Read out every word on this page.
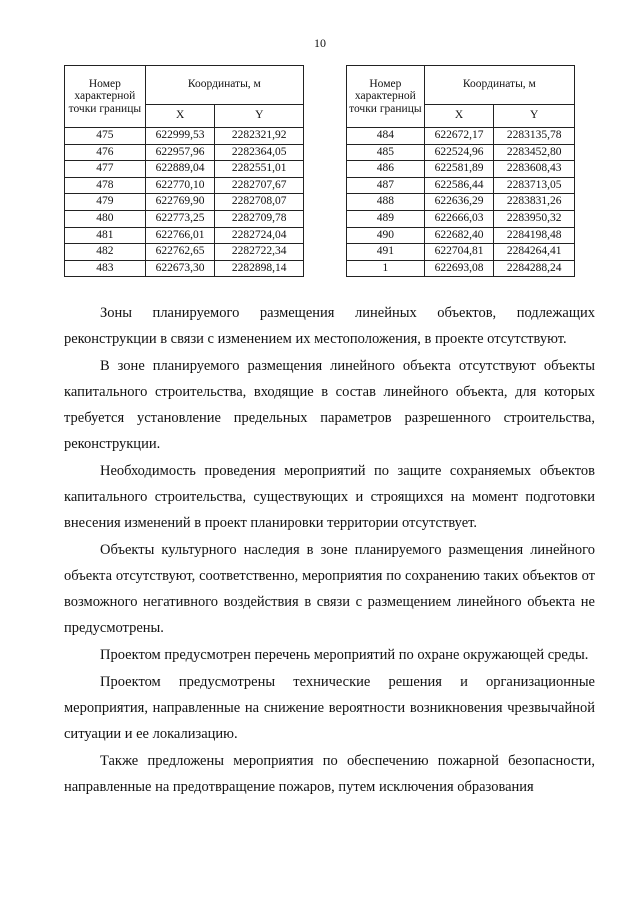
10
Номер характерной точки границы	Координаты, м	
	X	Y
475	622999,53	2282321,92
476	622957,96	2282364,05
477	622889,04	2282551,01
478	622770,10	2282707,67
479	622769,90	2282708,07
480	622773,25	2282709,78
481	622766,01	2282724,04
482	622762,65	2282722,34
483	622673,30	2282898,14
Номер характерной точки границы	Координаты, м	
	X	Y
484	622672,17	2283135,78
485	622524,96	2283452,80
486	622581,89	2283608,43
487	622586,44	2283713,05
488	622636,29	2283831,26
489	622666,03	2283950,32
490	622682,40	2284198,48
491	622704,81	2284264,41
1	622693,08	2284288,24

Зоны планируемого размещения линейных объектов, подлежащих реконструкции в связи с изменением их местоположения, в проекте отсутствуют.

В зоне планируемого размещения линейного объекта отсутствуют объекты капитального строительства, входящие в состав линейного объекта, для которых требуется установление предельных параметров разрешенного строительства, реконструкции.

Необходимость проведения мероприятий по защите сохраняемых объектов капитального строительства, существующих и строящихся на момент подготовки внесения изменений в проект планировки территории отсутствует.

Объекты культурного наследия в зоне планируемого размещения линейного объекта отсутствуют, соответственно, мероприятия по сохранению таких объектов от возможного негативного воздействия в связи с размещением линейного объекта не предусмотрены.

Проектом предусмотрен перечень мероприятий по охране окружающей среды.

Проектом предусмотрены технические решения и организационные мероприятия, направленные на снижение вероятности возникновения чрезвычайной ситуации и ее локализацию.

Также предложены мероприятия по обеспечению пожарной безопасности, направленные на предотвращение пожаров, путем исключения образования
